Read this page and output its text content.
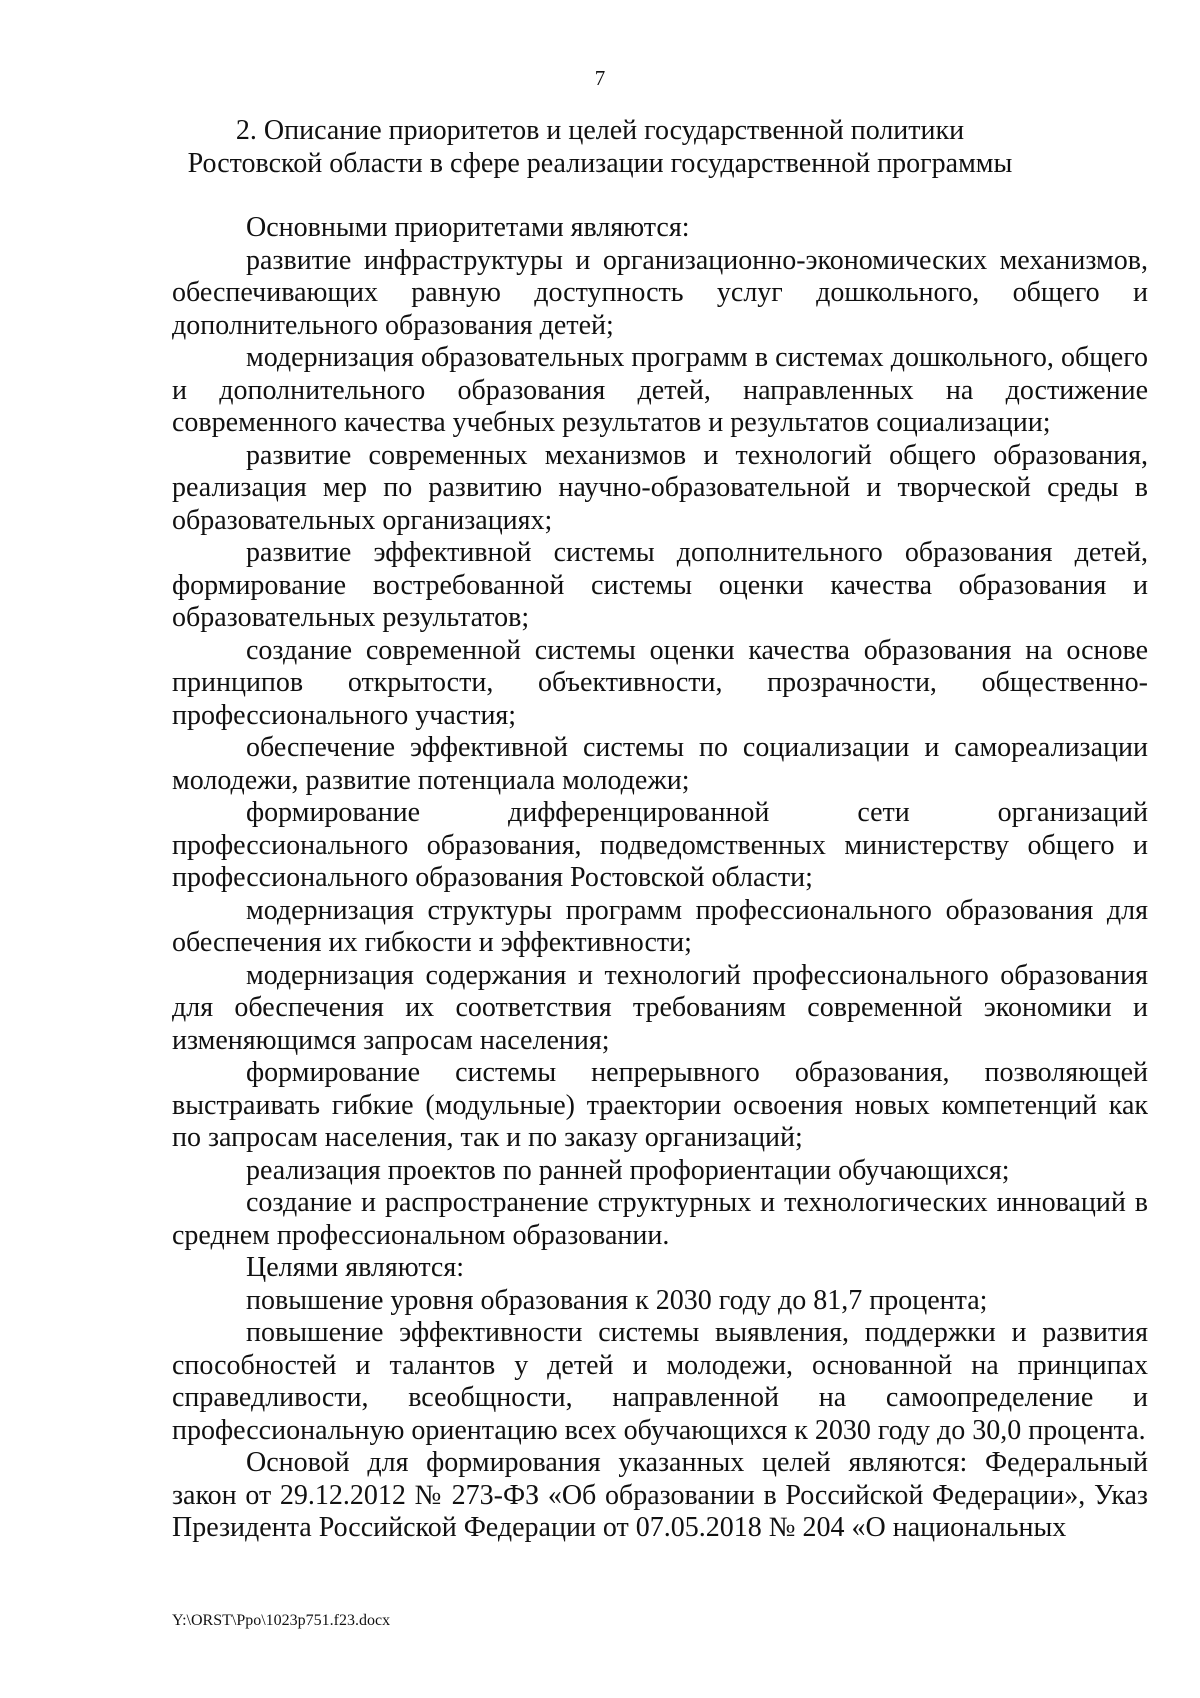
7
2. Описание приоритетов и целей государственной политики
Ростовской области в сфере реализации государственной программы

Основными приоритетами являются:

развитие инфраструктуры и организационно-экономических механизмов, обеспечивающих равную доступность услуг дошкольного, общего и дополнительного образования детей;

модернизация образовательных программ в системах дошкольного, общего и дополнительного образования детей, направленных на достижение современного качества учебных результатов и результатов социализации;

развитие современных механизмов и технологий общего образования, реализация мер по развитию научно-образовательной и творческой среды в образовательных организациях;

развитие эффективной системы дополнительного образования детей, формирование востребованной системы оценки качества образования и образовательных результатов;

создание современной системы оценки качества образования на основе принципов открытости, объективности, прозрачности, общественно-профессионального участия;

обеспечение эффективной системы по социализации и самореализации молодежи, развитие потенциала молодежи;

формирование дифференцированной сети организаций профессионального образования, подведомственных министерству общего и профессионального образования Ростовской области;

модернизация структуры программ профессионального образования для обеспечения их гибкости и эффективности;

модернизация содержания и технологий профессионального образования для обеспечения их соответствия требованиям современной экономики и изменяющимся запросам населения;

формирование системы непрерывного образования, позволяющей выстраивать гибкие (модульные) траектории освоения новых компетенций как по запросам населения, так и по заказу организаций;

реализация проектов по ранней профориентации обучающихся;

создание и распространение структурных и технологических инноваций в среднем профессиональном образовании.

Целями являются:

повышение уровня образования к 2030 году до 81,7 процента;

повышение эффективности системы выявления, поддержки и развития способностей и талантов у детей и молодежи, основанной на принципах справедливости, всеобщности, направленной на самоопределение и профессиональную ориентацию всех обучающихся к 2030 году до 30,0 процента.

Основой для формирования указанных целей являются: Федеральный закон от 29.12.2012 № 273-ФЗ «Об образовании в Российской Федерации», Указ Президента Российской Федерации от 07.05.2018 № 204 «О национальных

Y:\ORST\Ppo\1023p751.f23.docx
